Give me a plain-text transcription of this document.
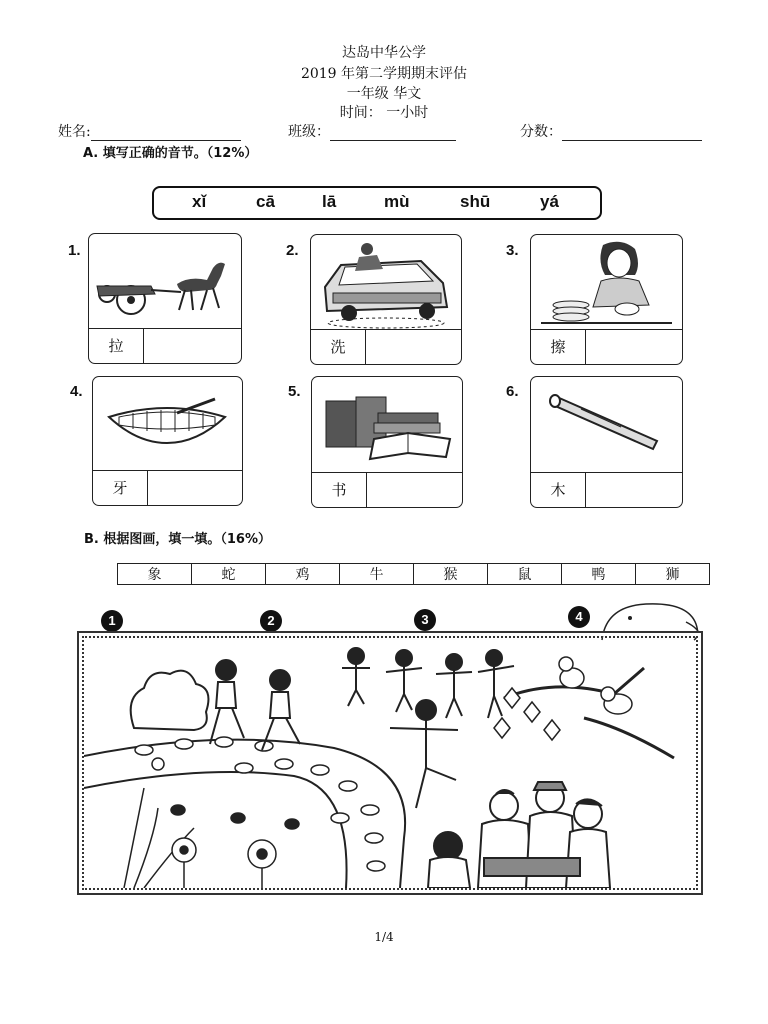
达岛中华公学
2019 年第二学期期末评估
一年级 华文
时间： 一小时
姓名:	班级：	分数：
A. 填写正确的音节。（12%）
xǐ	cā	lā	mù	shū	yá
1.	2.	3.
4.	5.	6.
拉	洗	擦
牙	书	木
B. 根据图画，填一填。（16%）
象	蛇	鸡	牛	猴	鼠	鸭	狮
1	2	3	4
1/4
